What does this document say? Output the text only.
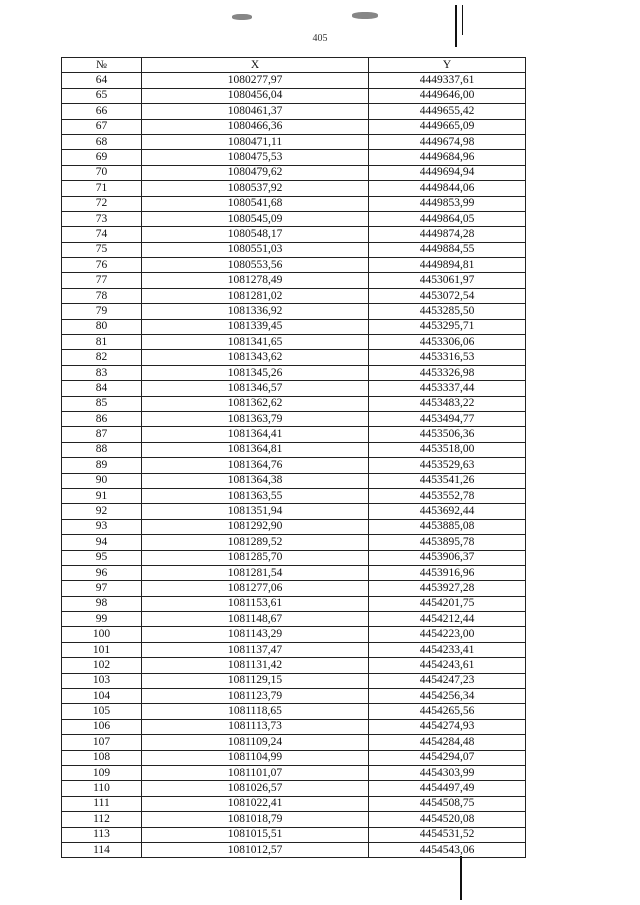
405
№	X	Y
64	1080277,97	4449337,61
65	1080456,04	4449646,00
66	1080461,37	4449655,42
67	1080466,36	4449665,09
68	1080471,11	4449674,98
69	1080475,53	4449684,96
70	1080479,62	4449694,94
71	1080537,92	4449844,06
72	1080541,68	4449853,99
73	1080545,09	4449864,05
74	1080548,17	4449874,28
75	1080551,03	4449884,55
76	1080553,56	4449894,81
77	1081278,49	4453061,97
78	1081281,02	4453072,54
79	1081336,92	4453285,50
80	1081339,45	4453295,71
81	1081341,65	4453306,06
82	1081343,62	4453316,53
83	1081345,26	4453326,98
84	1081346,57	4453337,44
85	1081362,62	4453483,22
86	1081363,79	4453494,77
87	1081364,41	4453506,36
88	1081364,81	4453518,00
89	1081364,76	4453529,63
90	1081364,38	4453541,26
91	1081363,55	4453552,78
92	1081351,94	4453692,44
93	1081292,90	4453885,08
94	1081289,52	4453895,78
95	1081285,70	4453906,37
96	1081281,54	4453916,96
97	1081277,06	4453927,28
98	1081153,61	4454201,75
99	1081148,67	4454212,44
100	1081143,29	4454223,00
101	1081137,47	4454233,41
102	1081131,42	4454243,61
103	1081129,15	4454247,23
104	1081123,79	4454256,34
105	1081118,65	4454265,56
106	1081113,73	4454274,93
107	1081109,24	4454284,48
108	1081104,99	4454294,07
109	1081101,07	4454303,99
110	1081026,57	4454497,49
111	1081022,41	4454508,75
112	1081018,79	4454520,08
113	1081015,51	4454531,52
114	1081012,57	4454543,06
